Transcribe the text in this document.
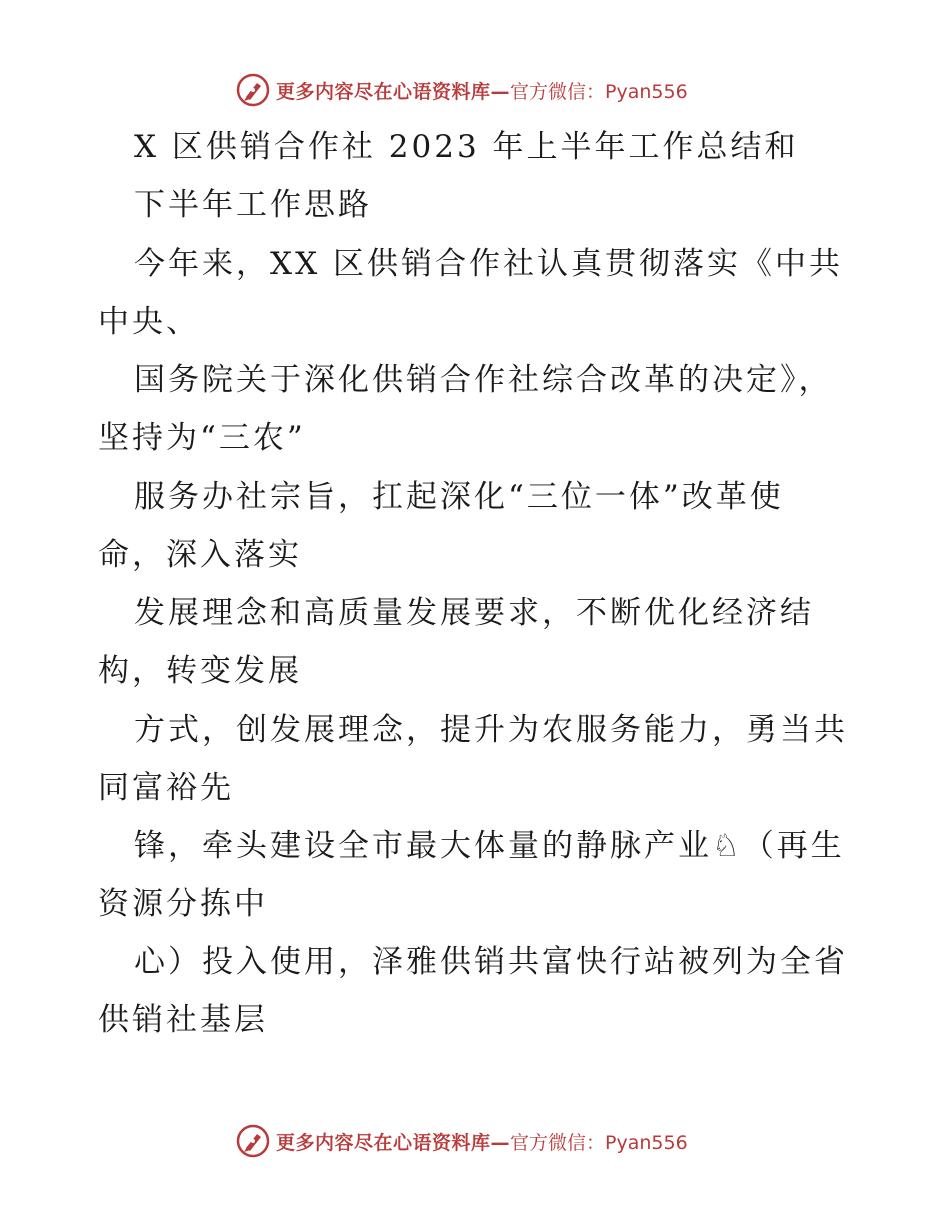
更多内容尽在心语资料库— 官方微信：Pyan556
X 区供销合作社 2023 年上半年工作总结和
下半年工作思路
今年来，XX 区供销合作社认真贯彻落实《中共
中央、
国务院关于深化供销合作社综合改革的决定》，
坚持为“三农”
服务办社宗旨，扛起深化“三位一体”改革使
命，深入落实
发展理念和高质量发展要求，不断优化经济结
构，转变发展
方式，创发展理念，提升为农服务能力，勇当共
同富裕先
锋，牵头建设全市最大体量的静脉产业♘（再生
资源分拣中
心）投入使用，泽雅供销共富快行站被列为全省
供销社基层
更多内容尽在心语资料库— 官方微信：Pyan556
